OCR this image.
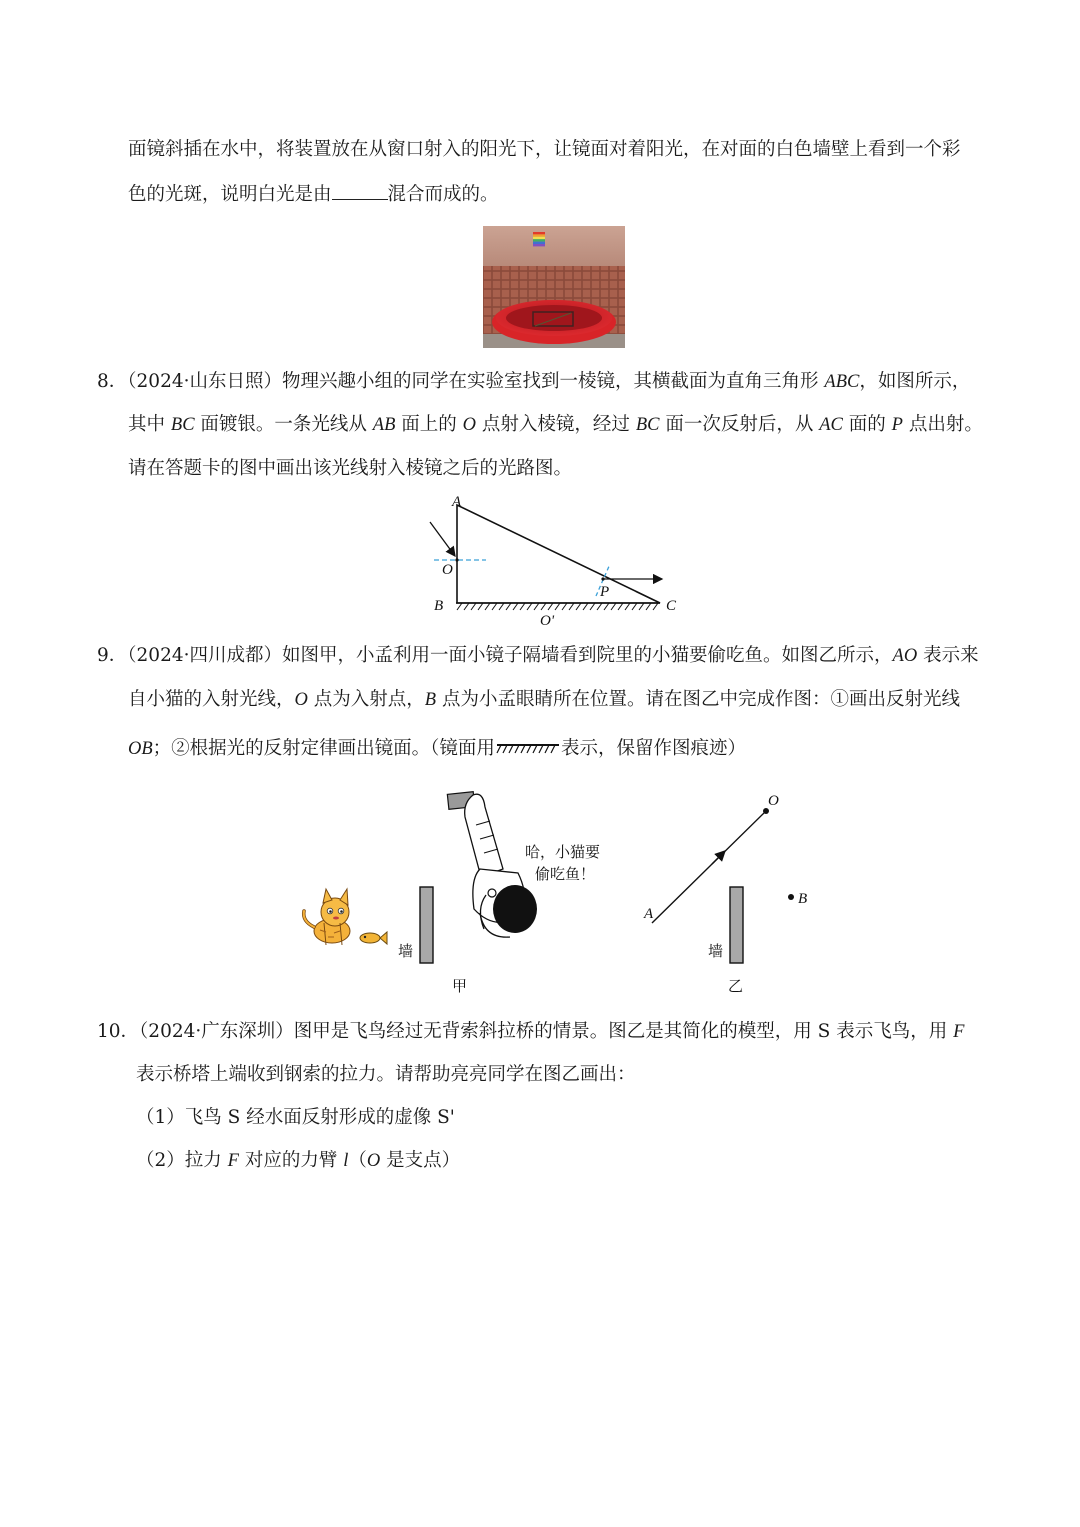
面镜斜插在水中，将装置放在从窗口射入的阳光下，让镜面对着阳光，在对面的白色墙壁上看到一个彩
色的光斑，说明白光是由	混合而成的。
8．（2024·山东日照）物理兴趣小组的同学在实验室找到一棱镜，其横截面为直角三角形 ABC，如图所示，
其中 BC 面镀银。一条光线从 AB 面上的 O 点射入棱镜，经过 BC 面一次反射后，从 AC 面的 P 点出射。
请在答题卡的图中画出该光线射入棱镜之后的光路图。
A
O
B	C
P
O'
9．（2024·四川成都）如图甲，小孟利用一面小镜子隔墙看到院里的小猫要偷吃鱼。如图乙所示，AO 表示来
自小猫的入射光线，O 点为入射点，B 点为小孟眼睛所在位置。请在图乙中完成作图：①画出反射光线
OB；②根据光的反射定律画出镜面。（镜面用	表示，保留作图痕迹）
墙
哈，小猫要
偷吃鱼！
甲
A
O
B
墙
乙
10．（2024·广东深圳）图甲是飞鸟经过无背索斜拉桥的情景。图乙是其简化的模型，用 S 表示飞鸟，用 F
表示桥塔上端收到钢索的拉力。请帮助亮亮同学在图乙画出：
（1）飞鸟 S 经水面反射形成的虚像 S'
（2）拉力 F 对应的力臂 l（O 是支点）
